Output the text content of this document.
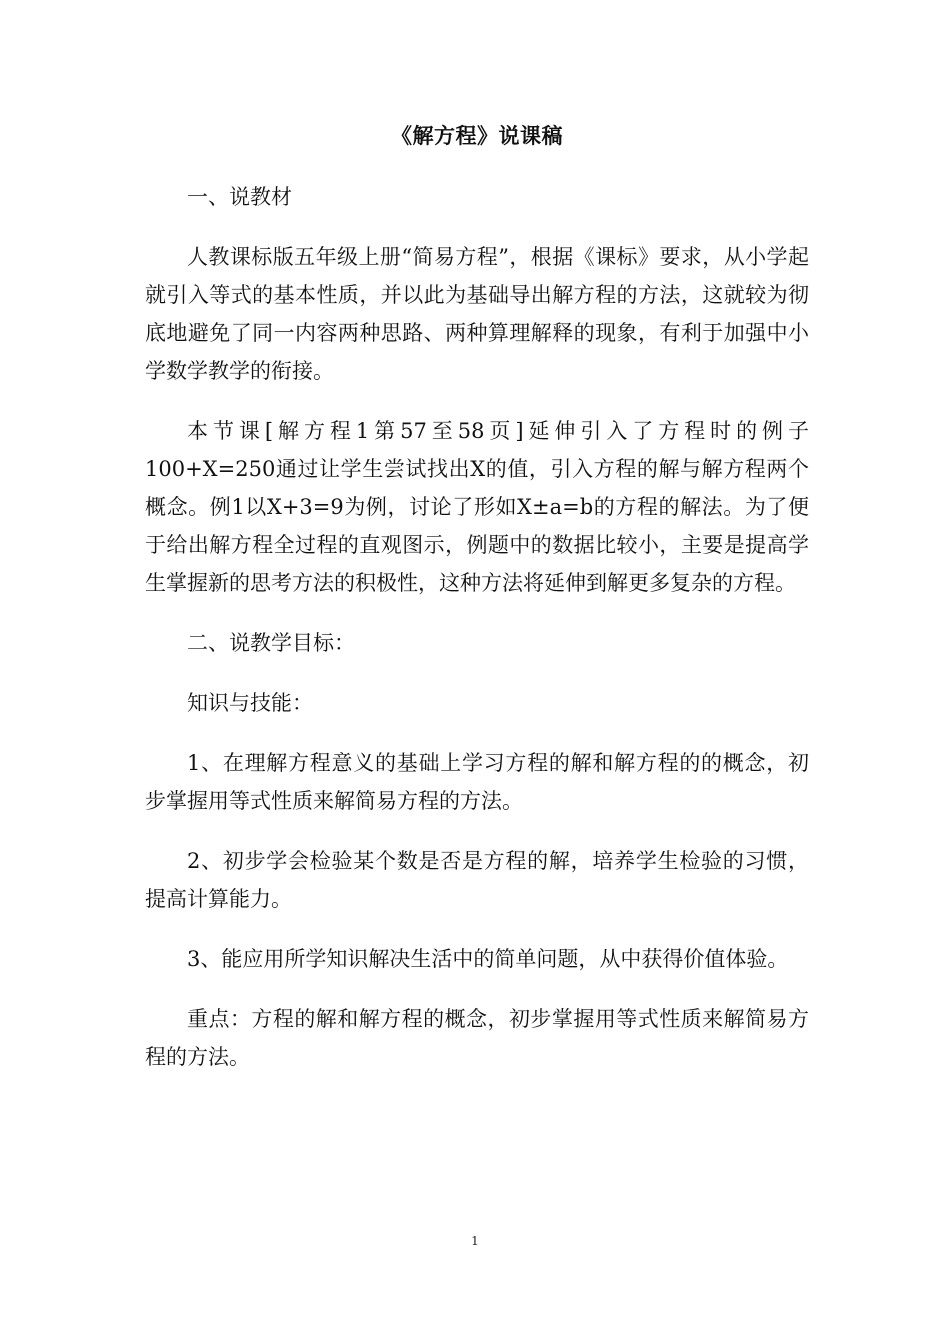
《解方程》说课稿
一、说教材
人教课标版五年级上册“简易方程”，根据《课标》要求，从小学起就引入等式的基本性质，并以此为基础导出解方程的方法，这就较为彻底地避免了同一内容两种思路、两种算理解释的现象，有利于加强中小学数学教学的衔接。
本节课[解方程1第57至58页]延伸引入了方程时的例子100+X=250通过让学生尝试找出X的值，引入方程的解与解方程两个概念。例1以X+3=9为例，讨论了形如X±a=b的方程的解法。为了便于给出解方程全过程的直观图示，例题中的数据比较小，主要是提高学生掌握新的思考方法的积极性，这种方法将延伸到解更多复杂的方程。
二、说教学目标：
知识与技能：
1、在理解方程意义的基础上学习方程的解和解方程的的概念，初步掌握用等式性质来解简易方程的方法。
2、初步学会检验某个数是否是方程的解，培养学生检验的习惯，提高计算能力。
3、能应用所学知识解决生活中的简单问题，从中获得价值体验。
重点：方程的解和解方程的概念，初步掌握用等式性质来解简易方程的方法。
1
